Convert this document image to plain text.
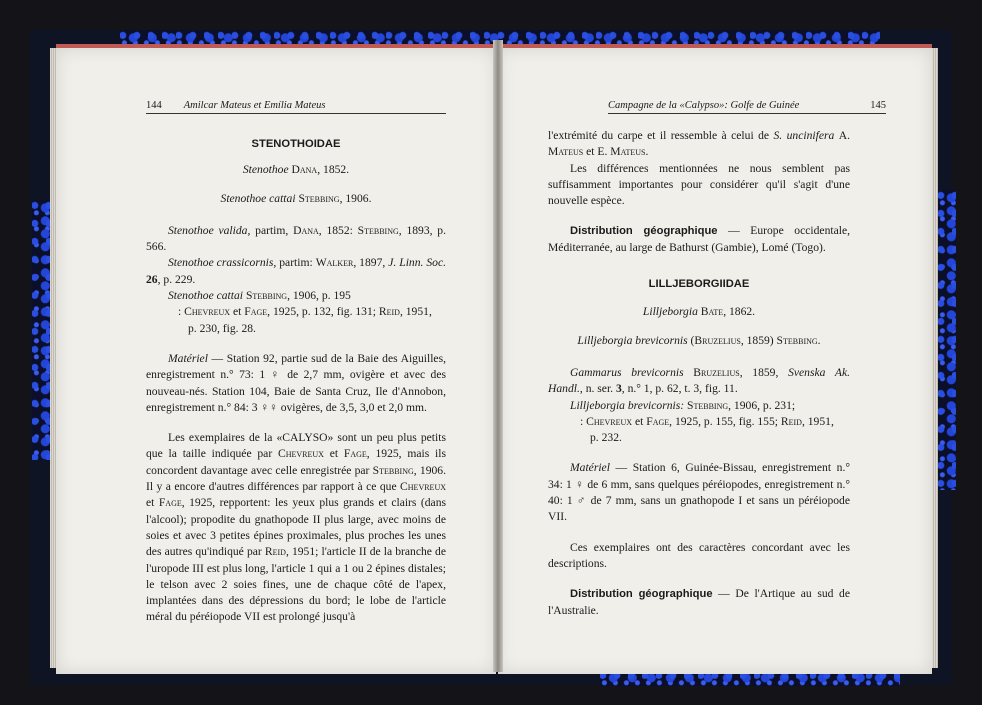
144 Amilcar Mateus et Emília Mateus

STENOTHOIDAE

Stenothoe Dana, 1852.

Stenothoe cattai Stebbing, 1906.

Stenothoe valida, partim, Dana, 1852: Stebbing, 1893, p. 566.

Stenothoe crassicornis, partim: Walker, 1897, J. Linn. Soc. 26, p. 229.

Stenothoe cattai Stebbing, 1906, p. 195

: Chevreux et Fage, 1925, p. 132, fig. 131; Reid, 1951,

p. 230, fig. 28.

Matériel — Station 92, partie sud de la Baie des Aiguilles, enregistrement n.° 73: 1 ♀ de 2,7 mm, ovigère et avec des nouveau-nés. Station 104, Baie de Santa Cruz, Ile d'Annobon, enregistrement n.° 84: 3 ♀♀ ovigères, de 3,5, 3,0 et 2,0 mm.

Les exemplaires de la «CALYSO» sont un peu plus petits que la taille indiquée par Chevreux et Fage, 1925, mais ils concordent davantage avec celle enregistrée par Stebbing, 1906. Il y a encore d'autres différences par rapport à ce que Chevreux et Fage, 1925, repportent: les yeux plus grands et clairs (dans l'alcool); propodite du gnathopode II plus large, avec moins de soies et avec 3 petites épines proximales, plus proches les unes des autres qu'indiqué par Reid, 1951; l'article II de la branche de l'uropode III est plus long, l'article 1 qui a 1 ou 2 épines distales; le telson avec 2 soies fines, une de chaque côté de l'apex, implantées dans des dépressions du bord; le lobe de l'article méral du péréiopode VII est prolongé jusqu'à

145
Campagne de la «Calypso»: Golfe de Guinée

l'extrémité du carpe et il ressemble à celui de S. uncinifera A. Mateus et E. Mateus.

Les différences mentionnées ne nous semblent pas suffisamment importantes pour considérer qu'il s'agit d'une nouvelle espèce.

Distribution géographique — Europe occidentale, Méditerranée, au large de Bathurst (Gambie), Lomé (Togo).

LILLJEBORGIIDAE

Lilljeborgia Bate, 1862.

Lilljeborgia brevicornis (Bruzelius, 1859) Stebbing.

Gammarus brevicornis Bruzelius, 1859, Svenska Ak. Handl., n. ser. 3, n.° 1, p. 62, t. 3, fig. 11.

Lilljeborgia brevicornis: Stebbing, 1906, p. 231;

: Chevreux et Fage, 1925, p. 155, fig. 155; Reid, 1951,

p. 232.

Matériel — Station 6, Guinée-Bissau, enregistrement n.° 34: 1 ♀ de 6 mm, sans quelques péréiopodes, enregistrement n.° 40: 1 ♂ de 7 mm, sans un gnathopode I et sans un péréiopode VII.

Ces exemplaires ont des caractères concordant avec les descriptions.

Distribution géographique — De l'Artique au sud de l'Australie.
